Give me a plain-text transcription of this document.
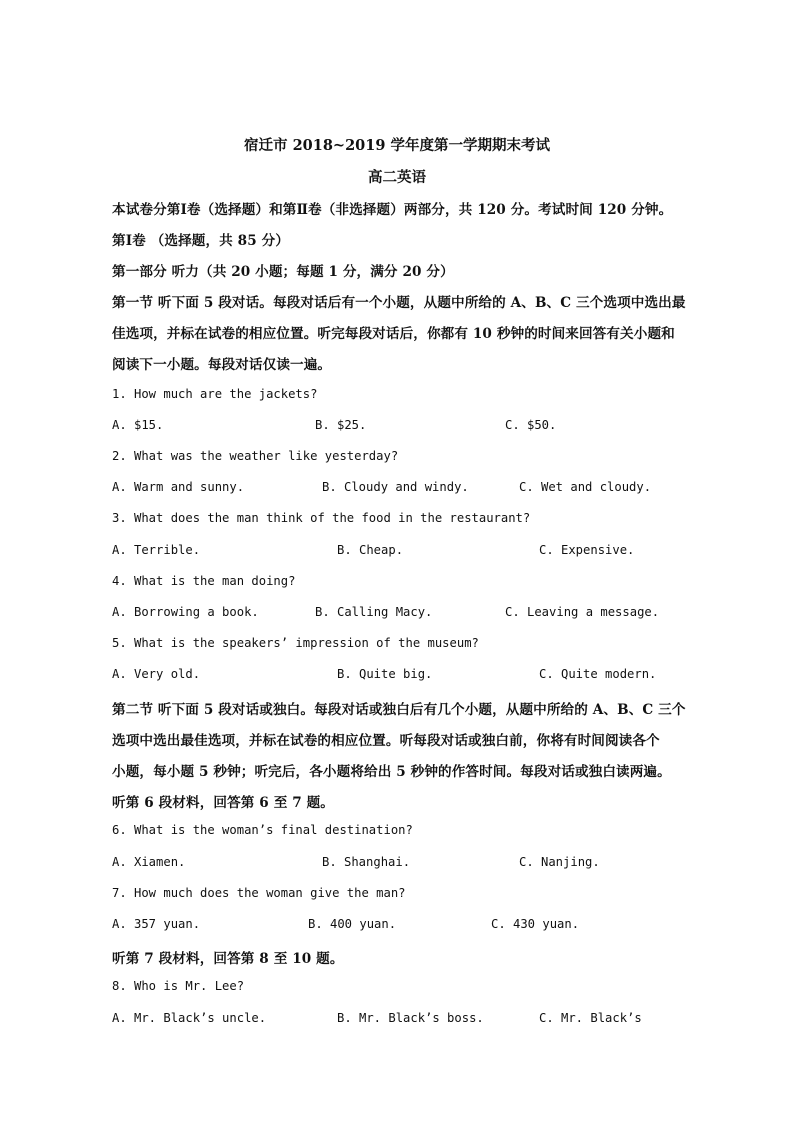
宿迁市 2018~2019 学年度第一学期期末考试
高二英语
本试卷分第Ⅰ卷（选择题）和第Ⅱ卷（非选择题）两部分，共 120 分。考试时间 120 分钟。
第Ⅰ卷 （选择题，共 85 分）
第一部分 听力（共 20 小题；每题 1 分，满分 20 分）
第一节 听下面 5 段对话。每段对话后有一个小题，从题中所给的 A、B、C 三个选项中选出最
佳选项，并标在试卷的相应位置。听完每段对话后，你都有 10 秒钟的时间来回答有关小题和
阅读下一小题。每段对话仅读一遍。
1. How much are the jackets?
A. $15.	B. $25.	C. $50.
2. What was the weather like yesterday?
A. Warm and sunny.	B. Cloudy and windy.	C. Wet and cloudy.
3. What does the man think of the food in the restaurant?
A. Terrible.	B. Cheap.	C. Expensive.
4. What is the man doing?
A. Borrowing a book.	B. Calling Macy.	C. Leaving a message.
5. What is the speakers’ impression of the museum?
A. Very old.	B. Quite big.	C. Quite modern.
第二节 听下面 5 段对话或独白。每段对话或独白后有几个小题，从题中所给的 A、B、C 三个
选项中选出最佳选项，并标在试卷的相应位置。听每段对话或独白前，你将有时间阅读各个
小题，每小题 5 秒钟；听完后，各小题将给出 5 秒钟的作答时间。每段对话或独白读两遍。
听第 6 段材料，回答第 6 至 7 题。
6. What is the woman’s final destination?
A. Xiamen.	B. Shanghai.	C. Nanjing.
7. How much does the woman give the man?
A. 357 yuan.	B. 400 yuan.	C. 430 yuan.
听第 7 段材料，回答第 8 至 10 题。
8. Who is Mr. Lee?
A. Mr. Black’s uncle.	B. Mr. Black’s boss.	C. Mr. Black’s
